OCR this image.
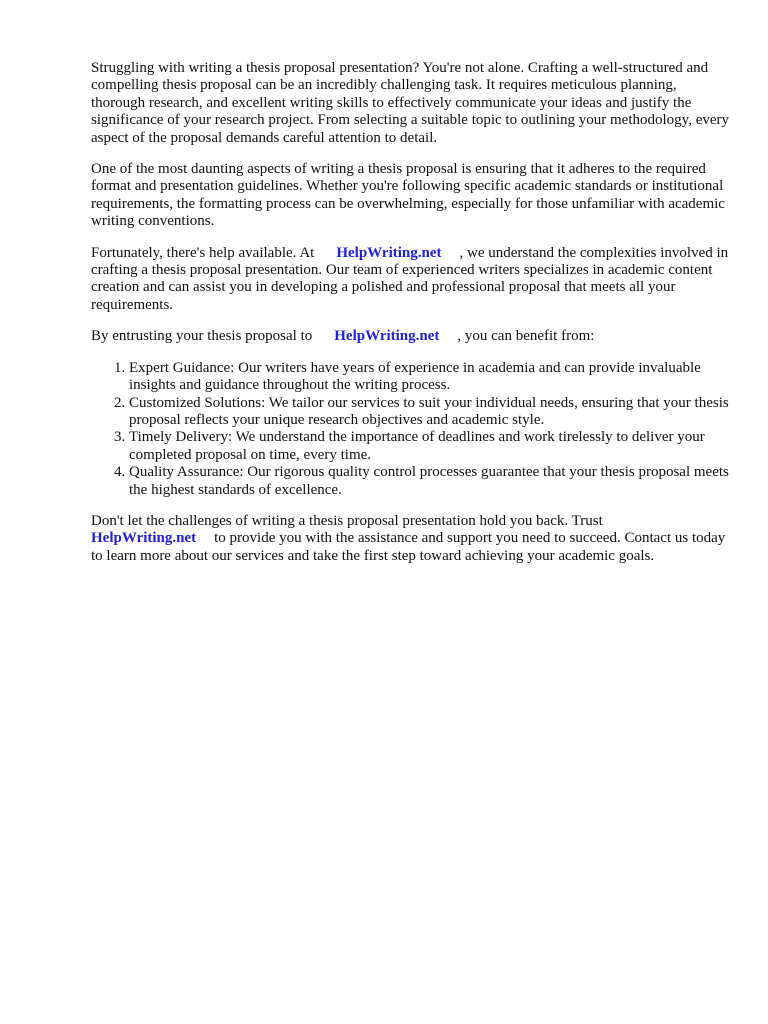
Struggling with writing a thesis proposal presentation? You're not alone. Crafting a well-structured and compelling thesis proposal can be an incredibly challenging task. It requires meticulous planning, thorough research, and excellent writing skills to effectively communicate your ideas and justify the significance of your research project. From selecting a suitable topic to outlining your methodology, every aspect of the proposal demands careful attention to detail.

One of the most daunting aspects of writing a thesis proposal is ensuring that it adheres to the required format and presentation guidelines. Whether you're following specific academic standards or institutional requirements, the formatting process can be overwhelming, especially for those unfamiliar with academic writing conventions.

Fortunately, there's help available. At HelpWriting.net , we understand the complexities involved in crafting a thesis proposal presentation. Our team of experienced writers specializes in academic content creation and can assist you in developing a polished and professional proposal that meets all your requirements.

By entrusting your thesis proposal to HelpWriting.net , you can benefit from:

1. Expert Guidance: Our writers have years of experience in academia and can provide invaluable insights and guidance throughout the writing process.
2. Customized Solutions: We tailor our services to suit your individual needs, ensuring that your thesis proposal reflects your unique research objectives and academic style.
3. Timely Delivery: We understand the importance of deadlines and work tirelessly to deliver your completed proposal on time, every time.
4. Quality Assurance: Our rigorous quality control processes guarantee that your thesis proposal meets the highest standards of excellence.

Don't let the challenges of writing a thesis proposal presentation hold you back. Trust
HelpWriting.net to provide you with the assistance and support you need to succeed. Contact us today to learn more about our services and take the first step toward achieving your academic goals.
